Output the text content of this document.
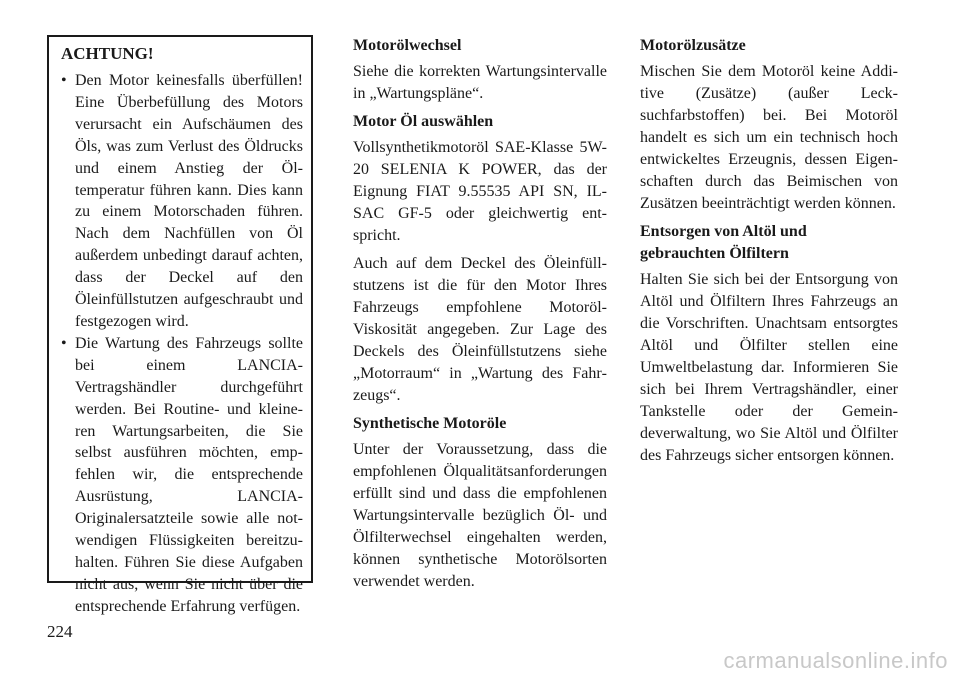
ACHTUNG!
• Den Motor keinesfalls überfüllen! Eine Überbefüllung des Motors verursacht ein Aufschäumen des Öls, was zum Verlust des Öldrucks und einem Anstieg der Öltemperatur führen kann. Dies kann zu einem Motorschaden führen. Nach dem Nachfüllen von Öl außerdem unbedingt darauf achten, dass der Deckel auf den Öleinfüllstutzen aufgeschraubt und festgezogen wird.
• Die Wartung des Fahrzeugs sollte bei einem LANCIA-Vertragshändler durchgeführt werden. Bei Routine- und kleineren Wartungsarbeiten, die Sie selbst ausführen möchten, empfehlen wir, die entsprechende Ausrüstung, LANCIA-Originalersatzteile sowie alle notwendigen Flüssigkeiten bereitzuhalten. Führen Sie diese Aufgaben nicht aus, wenn Sie nicht über die entsprechende Erfahrung verfügen.
Motorölwechsel

Siehe die korrekten Wartungsintervalle in „Wartungspläne“.

Motor Öl auswählen

Vollsynthetikmotoröl SAE-Klasse 5W-20 SELENIA K POWER, das der Eignung FIAT 9.55535 API SN, ILSAC GF-5 oder gleichwertig entspricht.

Auch auf dem Deckel des Öleinfüllstutzens ist die für den Motor Ihres Fahrzeugs empfohlene Motoröl-Viskosität angegeben. Zur Lage des Deckels des Öleinfüllstutzens siehe „Motorraum“ in „Wartung des Fahrzeugs“.

Synthetische Motoröle

Unter der Voraussetzung, dass die empfohlenen Ölqualitätsanforderungen erfüllt sind und dass die empfohlenen Wartungsintervalle bezüglich Öl- und Ölfilterwechsel eingehalten werden, können synthetische Motorölsorten verwendet werden.

Motorölzusätze

Mischen Sie dem Motoröl keine Additive (Zusätze) (außer Lecksuchfarbstoffen) bei. Bei Motoröl handelt es sich um ein technisch hoch entwickeltes Erzeugnis, dessen Eigenschaften durch das Beimischen von Zusätzen beeinträchtigt werden können.

Entsorgen von Altöl und
gebrauchten Ölfiltern

Halten Sie sich bei der Entsorgung von Altöl und Ölfiltern Ihres Fahrzeugs an die Vorschriften. Unachtsam entsorgtes Altöl und Ölfilter stellen eine Umweltbelastung dar. Informieren Sie sich bei Ihrem Vertragshändler, einer Tankstelle oder der Gemeindeverwaltung, wo Sie Altöl und Ölfilter des Fahrzeugs sicher entsorgen können.

224
carmanualsonline.info
